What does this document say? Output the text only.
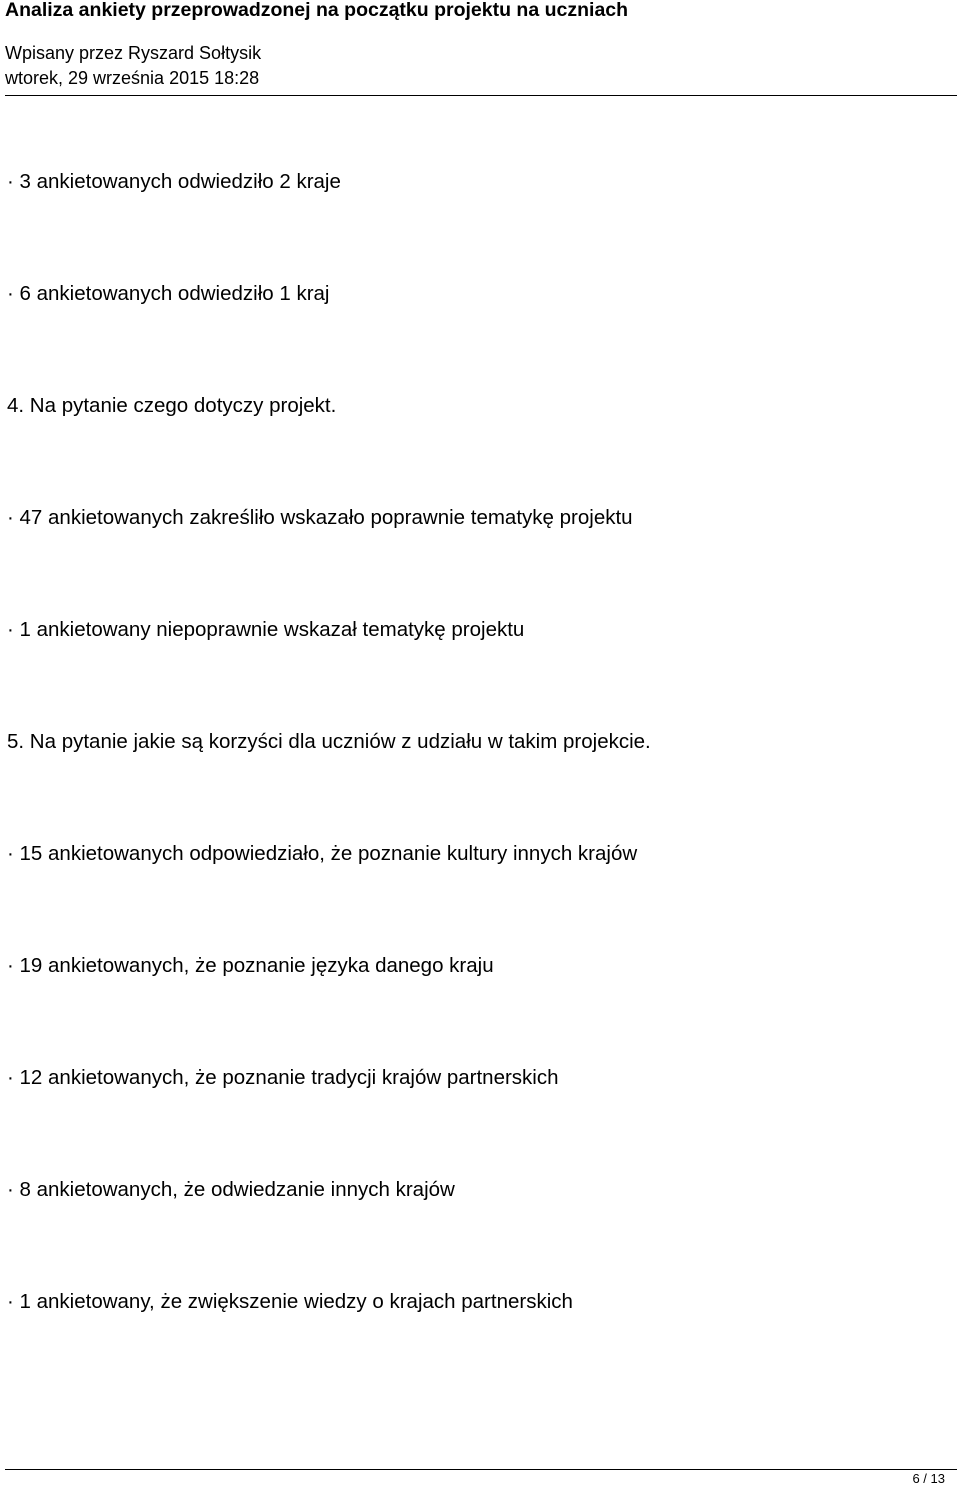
Analiza ankiety przeprowadzonej na początku projektu na uczniach
Wpisany przez Ryszard Sołtysik
wtorek, 29 września 2015 18:28
· 3 ankietowanych odwiedziło 2 kraje
· 6 ankietowanych odwiedziło 1 kraj
4. Na pytanie czego dotyczy projekt.
· 47 ankietowanych zakreśliło wskazało poprawnie tematykę projektu
· 1 ankietowany niepoprawnie wskazał tematykę projektu
5. Na pytanie jakie są korzyści dla uczniów z udziału w takim projekcie.
· 15 ankietowanych odpowiedziało, że poznanie kultury innych krajów
· 19 ankietowanych, że poznanie języka danego kraju
· 12 ankietowanych, że poznanie tradycji krajów partnerskich
· 8 ankietowanych, że odwiedzanie innych krajów
· 1 ankietowany, że zwiększenie wiedzy o krajach partnerskich
6 / 13
